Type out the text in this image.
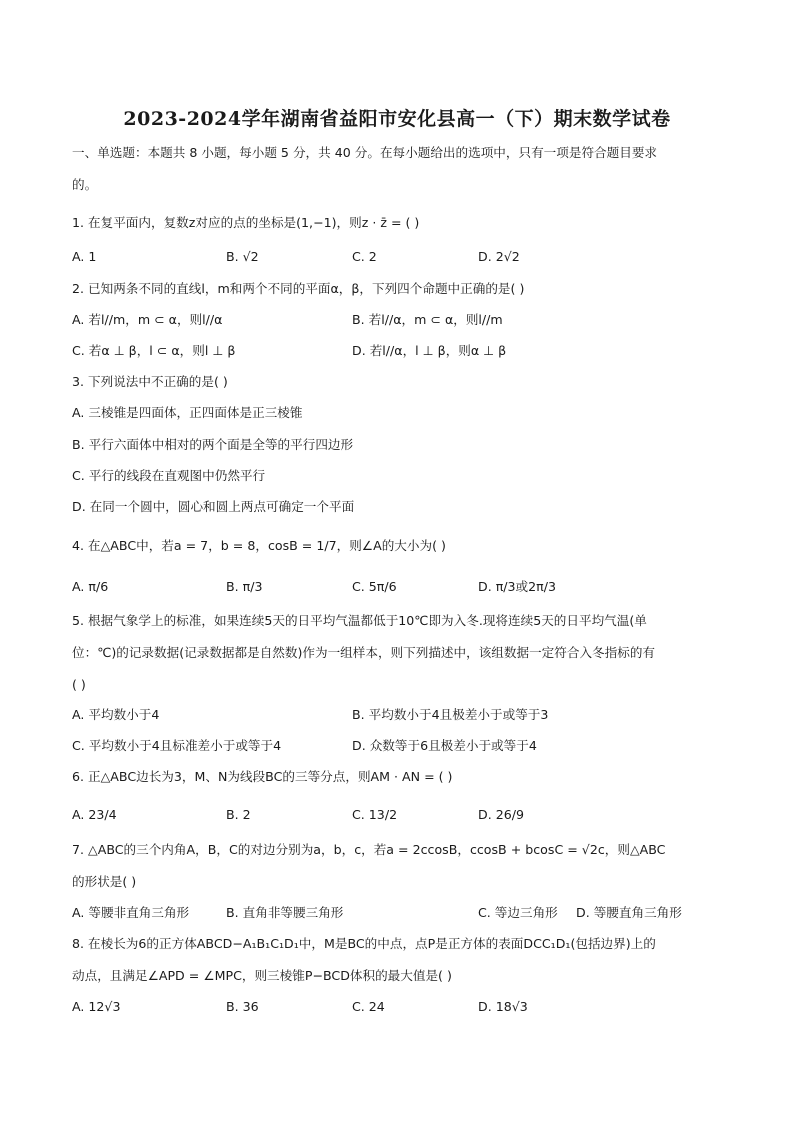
2023-2024学年湖南省益阳市安化县高一（下）期末数学试卷
一、单选题：本题共 8 小题，每小题 5 分，共 40 分。在每小题给出的选项中，只有一项是符合题目要求
的。
1. 在复平面内，复数z对应的点的坐标是(1,−1)，则z · z̄ = ( )
A. 1	B. √2	C. 2	D. 2√2
2. 已知两条不同的直线l，m和两个不同的平面α，β，下列四个命题中正确的是( )
A. 若l//m，m ⊂ α，则l//α	B. 若l//α，m ⊂ α，则l//m
C. 若α ⊥ β，l ⊂ α，则l ⊥ β	D. 若l//α，l ⊥ β，则α ⊥ β
3. 下列说法中不正确的是( )
A. 三棱锥是四面体，正四面体是正三棱锥
B. 平行六面体中相对的两个面是全等的平行四边形
C. 平行的线段在直观图中仍然平行
D. 在同一个圆中，圆心和圆上两点可确定一个平面
4. 在△ABC中，若a = 7，b = 8，cosB = 1/7，则∠A的大小为( )
A. π/6	B. π/3	C. 5π/6	D. π/3或2π/3
5. 根据气象学上的标准，如果连续5天的日平均气温都低于10℃即为入冬.现将连续5天的日平均气温(单
位：℃)的记录数据(记录数据都是自然数)作为一组样本，则下列描述中，该组数据一定符合入冬指标的有
( )
A. 平均数小于4	B. 平均数小于4且极差小于或等于3
C. 平均数小于4且标准差小于或等于4	D. 众数等于6且极差小于或等于4
6. 正△ABC边长为3，M、N为线段BC的三等分点，则AM · AN = ( )
A. 23/4	B. 2	C. 13/2	D. 26/9
7. △ABC的三个内角A，B，C的对边分别为a，b，c，若a = 2ccosB，ccosB + bcosC = √2c，则△ABC
的形状是( )
A. 等腰非直角三角形	B. 直角非等腰三角形	C. 等边三角形 D. 等腰直角三角形
8. 在棱长为6的正方体ABCD−A₁B₁C₁D₁中，M是BC的中点，点P是正方体的表面DCC₁D₁(包括边界)上的
动点，且满足∠APD = ∠MPC，则三棱锥P−BCD体积的最大值是( )
A. 12√3	B. 36	C. 24	D. 18√3
